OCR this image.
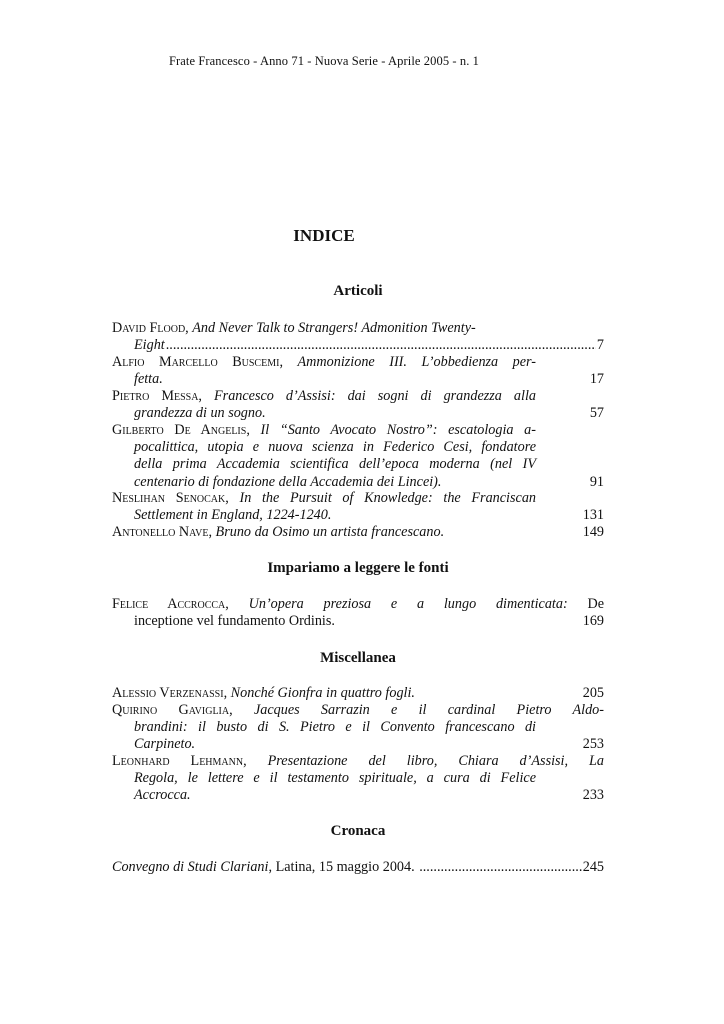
Frate Francesco - Anno 71 - Nuova Serie - Aprile 2005 - n. 1
INDICE
Articoli
David Flood, And Never Talk to Strangers! Admonition Twenty-
Eight .....	7
Alfio Marcello Buscemi, Ammonizione III. L’obbedienza per-
fetta.	17
Pietro Messa, Francesco d’Assisi: dai sogni di grandezza alla
grandezza di un sogno.	57
Gilberto De Angelis, Il “Santo Avocato Nostro”: escatologia a-
pocalittica, utopia e nuova scienza in Federico Cesi, fondatore
della prima Accademia scientifica dell’epoca moderna (nel IV
centenario di fondazione della Accademia dei Lincei).	91
Neslihan Senocak, In the Pursuit of Knowledge: the Franciscan
Settlement in England, 1224-1240.	131
Antonello Nave, Bruno da Osimo un artista francescano.	149
Impariamo a leggere le fonti
Felice Accrocca, Un’opera preziosa e a lungo dimenticata: De
inceptione vel fundamento Ordinis.	169
Miscellanea
Alessio Verzenassi, Nonché Gionfra in quattro fogli.	205
Quirino Gaviglia, Jacques Sarrazin e il cardinal Pietro Aldo-
brandini: il busto di S. Pietro e il Convento francescano di
Carpineto.	253
Leonhard Lehmann, Presentazione del libro, Chiara d’Assisi, La
Regola, le lettere e il testamento spirituale, a cura di Felice
Accrocca.	233
Cronaca
Convegno di Studi Clariani , Latina, 15 maggio 2004. .....	245
